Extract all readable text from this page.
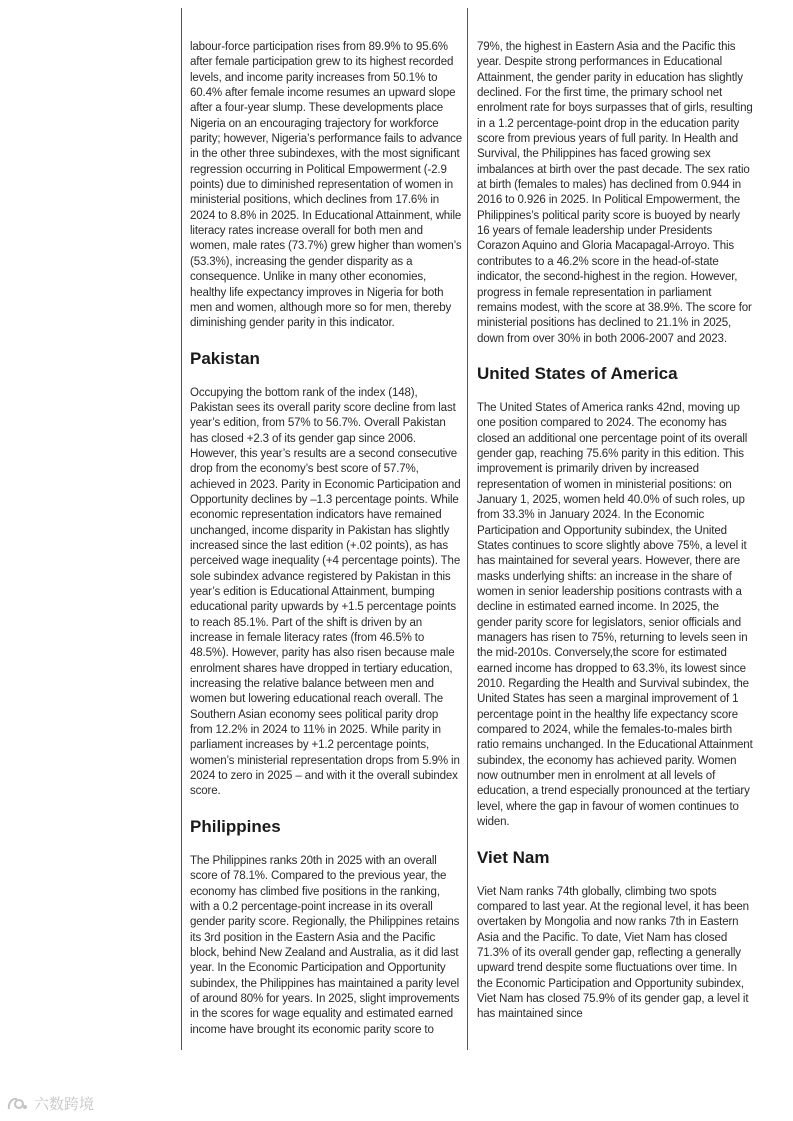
labour-force participation rises from 89.9% to 95.6% after female participation grew to its highest recorded levels, and income parity increases from 50.1% to 60.4% after female income resumes an upward slope after a four-year slump. These developments place Nigeria on an encouraging trajectory for workforce parity; however, Nigeria’s performance fails to advance in the other three subindexes, with the most significant regression occurring in Political Empowerment (-2.9 points) due to diminished representation of women in ministerial positions, which declines from 17.6% in 2024 to 8.8% in 2025. In Educational Attainment, while literacy rates increase overall for both men and women, male rates (73.7%) grew higher than women’s (53.3%), increasing the gender disparity as a consequence. Unlike in many other economies, healthy life expectancy improves in Nigeria for both men and women, although more so for men, thereby diminishing gender parity in this indicator.

Pakistan

Occupying the bottom rank of the index (148), Pakistan sees its overall parity score decline from last year’s edition, from 57% to 56.7%. Overall Pakistan has closed +2.3 of its gender gap since 2006. However, this year’s results are a second consecutive drop from the economy’s best score of 57.7%, achieved in 2023. Parity in Economic Participation and Opportunity declines by –1.3 percentage points. While economic representation indicators have remained unchanged, income disparity in Pakistan has slightly increased since the last edition (+.02 points), as has perceived wage inequality (+4 percentage points). The sole subindex advance registered by Pakistan in this year’s edition is Educational Attainment, bumping educational parity upwards by +1.5 percentage points to reach 85.1%. Part of the shift is driven by an increase in female literacy rates (from 46.5% to 48.5%). However, parity has also risen because male enrolment shares have dropped in tertiary education, increasing the relative balance between men and women but lowering educational reach overall. The Southern Asian economy sees political parity drop from 12.2% in 2024 to 11% in 2025. While parity in parliament increases by +1.2 percentage points, women’s ministerial representation drops from 5.9% in 2024 to zero in 2025 – and with it the overall subindex score.

Philippines

The Philippines ranks 20th in 2025 with an overall score of 78.1%. Compared to the previous year, the economy has climbed five positions in the ranking, with a 0.2 percentage-point increase in its overall gender parity score. Regionally, the Philippines retains its 3rd position in the Eastern Asia and the Pacific block, behind New Zealand and Australia, as it did last year. In the Economic Participation and Opportunity subindex, the Philippines has maintained a parity level of around 80% for years. In 2025, slight improvements in the scores for wage equality and estimated earned income have brought its economic parity score to

79%, the highest in Eastern Asia and the Pacific this year. Despite strong performances in Educational Attainment, the gender parity in education has slightly declined. For the first time, the primary school net enrolment rate for boys surpasses that of girls, resulting in a 1.2 percentage-point drop in the education parity score from previous years of full parity. In Health and Survival, the Philippines has faced growing sex imbalances at birth over the past decade. The sex ratio at birth (females to males) has declined from 0.944 in 2016 to 0.926 in 2025. In Political Empowerment, the Philippines’s political parity score is buoyed by nearly 16 years of female leadership under Presidents Corazon Aquino and Gloria Macapagal-Arroyo. This contributes to a 46.2% score in the head-of-state indicator, the second-highest in the region. However, progress in female representation in parliament remains modest, with the score at 38.9%. The score for ministerial positions has declined to 21.1% in 2025, down from over 30% in both 2006-2007 and 2023.

United States of America

The United States of America ranks 42nd, moving up one position compared to 2024. The economy has closed an additional one percentage point of its overall gender gap, reaching 75.6% parity in this edition. This improvement is primarily driven by increased representation of women in ministerial positions: on January 1, 2025, women held 40.0% of such roles, up from 33.3% in January 2024. In the Economic Participation and Opportunity subindex, the United States continues to score slightly above 75%, a level it has maintained for several years. However, there are masks underlying shifts: an increase in the share of women in senior leadership positions contrasts with a decline in estimated earned income. In 2025, the gender parity score for legislators, senior officials and managers has risen to 75%, returning to levels seen in the mid-2010s. Conversely,the score for estimated earned income has dropped to 63.3%, its lowest since 2010. Regarding the Health and Survival subindex, the United States has seen a marginal improvement of 1 percentage point in the healthy life expectancy score compared to 2024, while the females-to-males birth ratio remains unchanged. In the Educational Attainment subindex, the economy has achieved parity. Women now outnumber men in enrolment at all levels of education, a trend especially pronounced at the tertiary level, where the gap in favour of women continues to widen.

Viet Nam

Viet Nam ranks 74th globally, climbing two spots compared to last year. At the regional level, it has been overtaken by Mongolia and now ranks 7th in Eastern Asia and the Pacific. To date, Viet Nam has closed 71.3% of its overall gender gap, reflecting a generally upward trend despite some fluctuations over time. In the Economic Participation and Opportunity subindex, Viet Nam has closed 75.9% of its gender gap, a level it has maintained since

六数跨境
